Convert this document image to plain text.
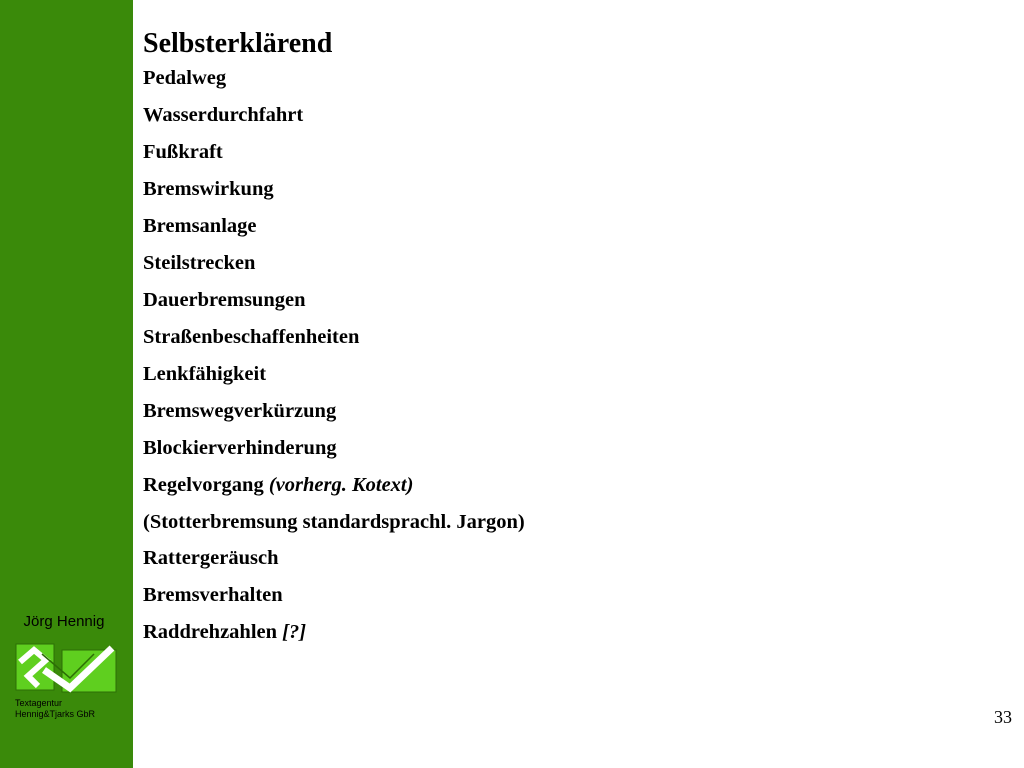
Jörg Hennig
Textagentur
Hennig&Tjarks GbR
Selbsterklärend
Pedalweg
Wasserdurchfahrt
Fußkraft
Bremswirkung
Bremsanlage
Steilstrecken
Dauerbremsungen
Straßenbeschaffenheiten
Lenkfähigkeit
Bremswegverkürzung
Blockierverhinderung
Regelvorgang (vorherg. Kotext)
(Stotterbremsung standardsprachl. Jargon)
Rattergeräusch
Bremsverhalten
Raddrehzahlen [?]
33
